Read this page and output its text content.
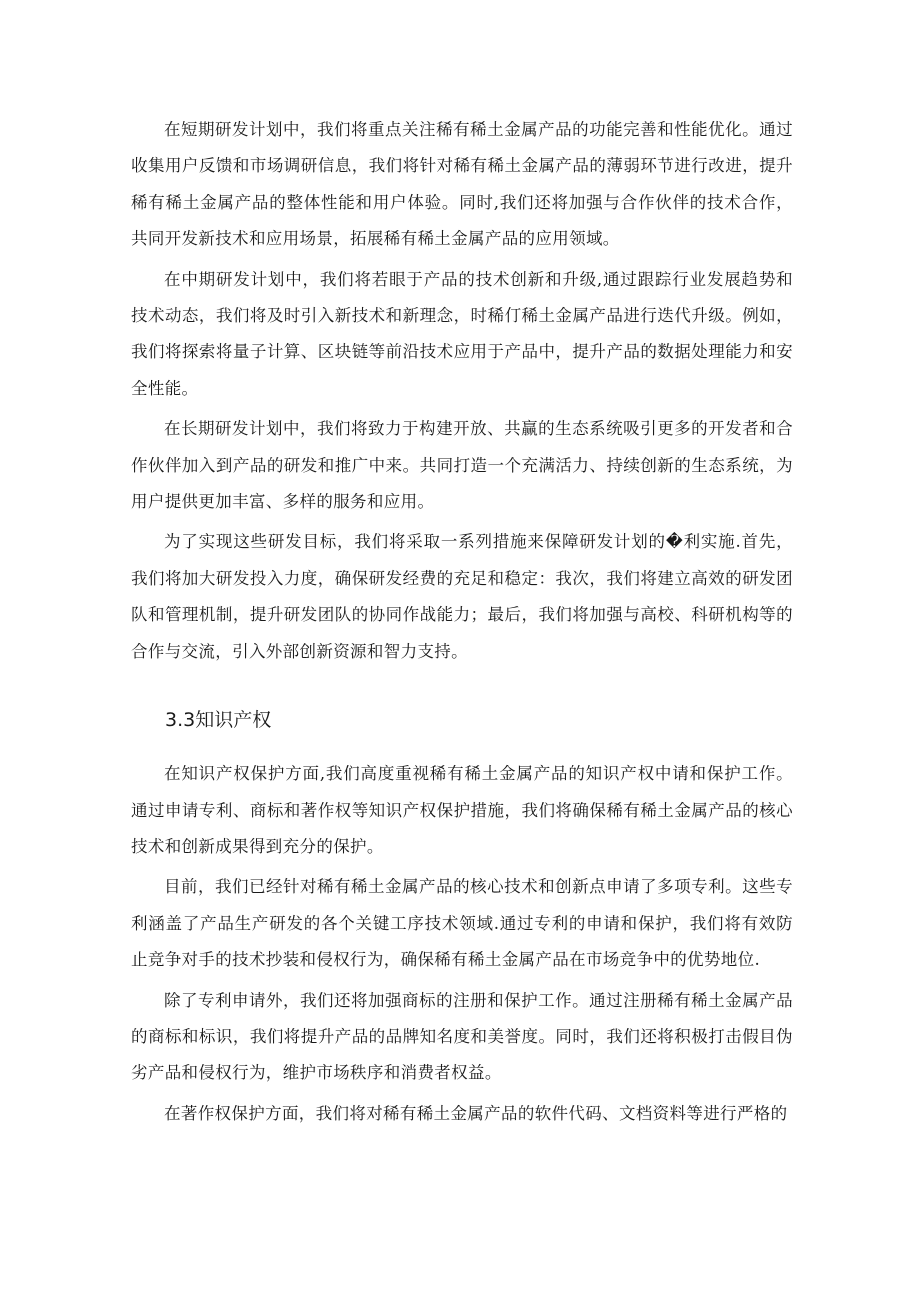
在短期研发计划中，我们将重点关注稀有稀土金属产品的功能完善和性能优化。通过收集用户反馈和市场调研信息，我们将针对稀有稀土金属产品的薄弱环节进行改进，提升稀有稀土金属产品的整体性能和用户体验。同时,我们还将加强与合作伙伴的技术合作，共同开发新技术和应用场景，拓展稀有稀土金属产品的应用领域。

在中期研发计划中，我们将若眼于产品的技术创新和升级,通过跟踪行业发展趋势和技术动态，我们将及时引入新技术和新理念，时稀仃稀土金属产品进行迭代升级。例如，我们将探索将量子计算、区块链等前沿技术应用于产品中，提升产品的数据处理能力和安全性能。

在长期研发计划中，我们将致力于构建开放、共赢的生态系统吸引更多的开发者和合作伙伴加入到产品的研发和推广中来。共同打造一个充满活力、持续创新的生态系统，为用户提供更加丰富、多样的服务和应用。

为了实现这些研发目标，我们将采取一系列措施来保障研发计划的�利实施.首先，我们将加大研发投入力度，确保研发经费的充足和稳定：我次，我们将建立高效的研发团队和管理机制，提升研发团队的协同作战能力；最后，我们将加强与高校、科研机构等的合作与交流，引入外部创新资源和智力支持。

3.3知识产权

在知识产权保护方面,我们高度重视稀有稀土金属产品的知识产权中请和保护工作。通过申请专利、商标和著作权等知识产权保护措施，我们将确保稀有稀土金属产品的核心技术和创新成果得到充分的保护。

目前，我们已经针对稀有稀土金属产品的核心技术和创新点申请了多项专利。这些专利涵盖了产品生产研发的各个关键工序技术领域.通过专利的申请和保护，我们将有效防止竞争对手的技术抄装和侵权行为，确保稀有稀土金属产品在市场竞争中的优势地位.

除了专利申请外，我们还将加强商标的注册和保护工作。通过注册稀有稀土金属产品的商标和标识，我们将提升产品的品牌知名度和美誉度。同时，我们还将积极打击假目伪劣产品和侵权行为，维护市场秩序和消费者权益。

在著作权保护方面，我们将对稀有稀土金属产品的软件代码、文档资料等进行严格的
